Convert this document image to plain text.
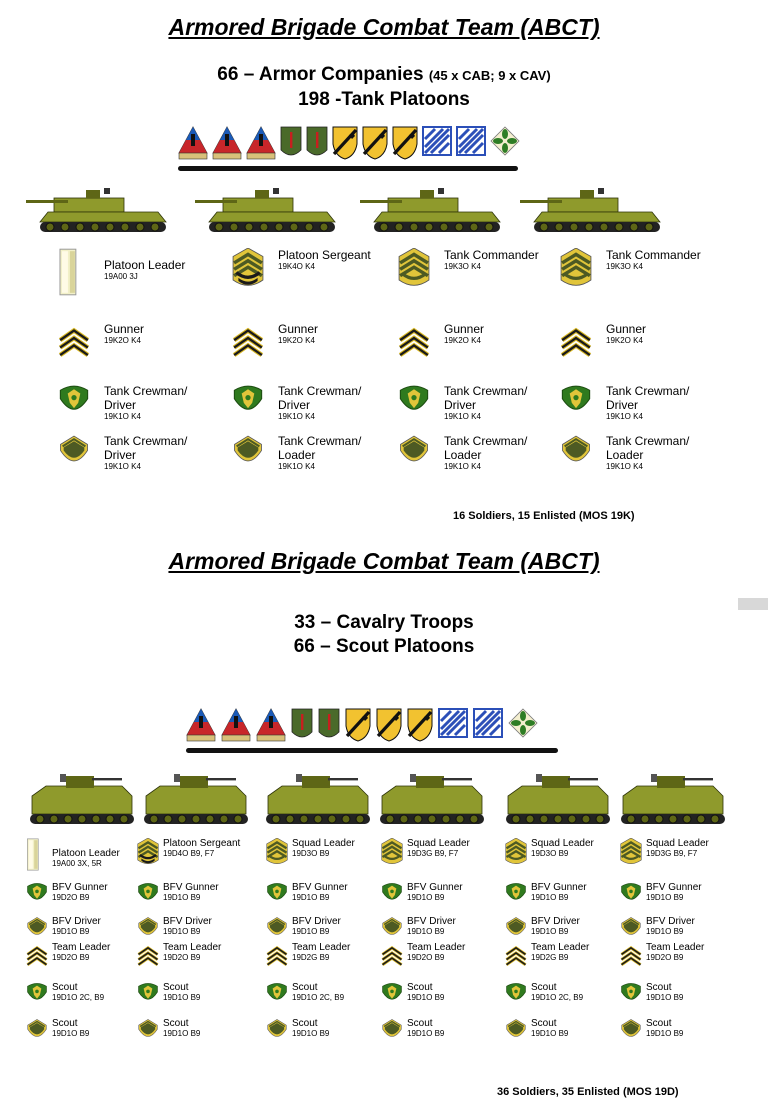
Armored Brigade Combat Team (ABCT)
66 – Armor Companies (45 x CAB; 9 x CAV)
198 -Tank Platoons
Platoon Leader
19A00 3J
Gunner
19K2O K4
Tank Crewman/ Driver
19K1O K4
Tank Crewman/ Driver
19K1O K4
Platoon Sergeant
19K4O K4
Gunner
19K2O K4
Tank Crewman/ Driver
19K1O K4
Tank Crewman/ Loader
19K1O K4
Tank Commander
19K3O K4
Gunner
19K2O K4
Tank Crewman/ Driver
19K1O K4
Tank Crewman/ Loader
19K1O K4
Tank Commander
19K3O K4
Gunner
19K2O K4
Tank Crewman/ Driver
19K1O K4
Tank Crewman/ Loader
19K1O K4
16 Soldiers, 15 Enlisted (MOS 19K)
Armored Brigade Combat Team (ABCT)
33 – Cavalry Troops
66 – Scout Platoons
Platoon Leader
19A00 3X, 5R
BFV Gunner
19D2O B9
BFV Driver
19D1O B9
Team Leader
19D2O B9
Scout
19D1O 2C, B9
Scout
19D1O B9
Platoon Sergeant
19D4O B9, F7
BFV Gunner
19D1O B9
BFV Driver
19D1O B9
Team Leader
19D2O B9
Scout
19D1O B9
Scout
19D1O B9
Squad Leader
19D3O B9
BFV Gunner
19D1O B9
BFV Driver
19D1O B9
Team Leader
19D2G B9
Scout
19D1O 2C, B9
Scout
19D1O B9
Squad Leader
19D3G B9, F7
BFV Gunner
19D1O B9
BFV Driver
19D1O B9
Team Leader
19D2O B9
Scout
19D1O B9
Scout
19D1O B9
Squad Leader
19D3O B9
BFV Gunner
19D1O B9
BFV Driver
19D1O B9
Team Leader
19D2G B9
Scout
19D1O 2C, B9
Scout
19D1O B9
Squad Leader
19D3G B9, F7
BFV Gunner
19D1O B9
BFV Driver
19D1O B9
Team Leader
19D2O B9
Scout
19D1O B9
Scout
19D1O B9
36 Soldiers, 35 Enlisted (MOS 19D)
